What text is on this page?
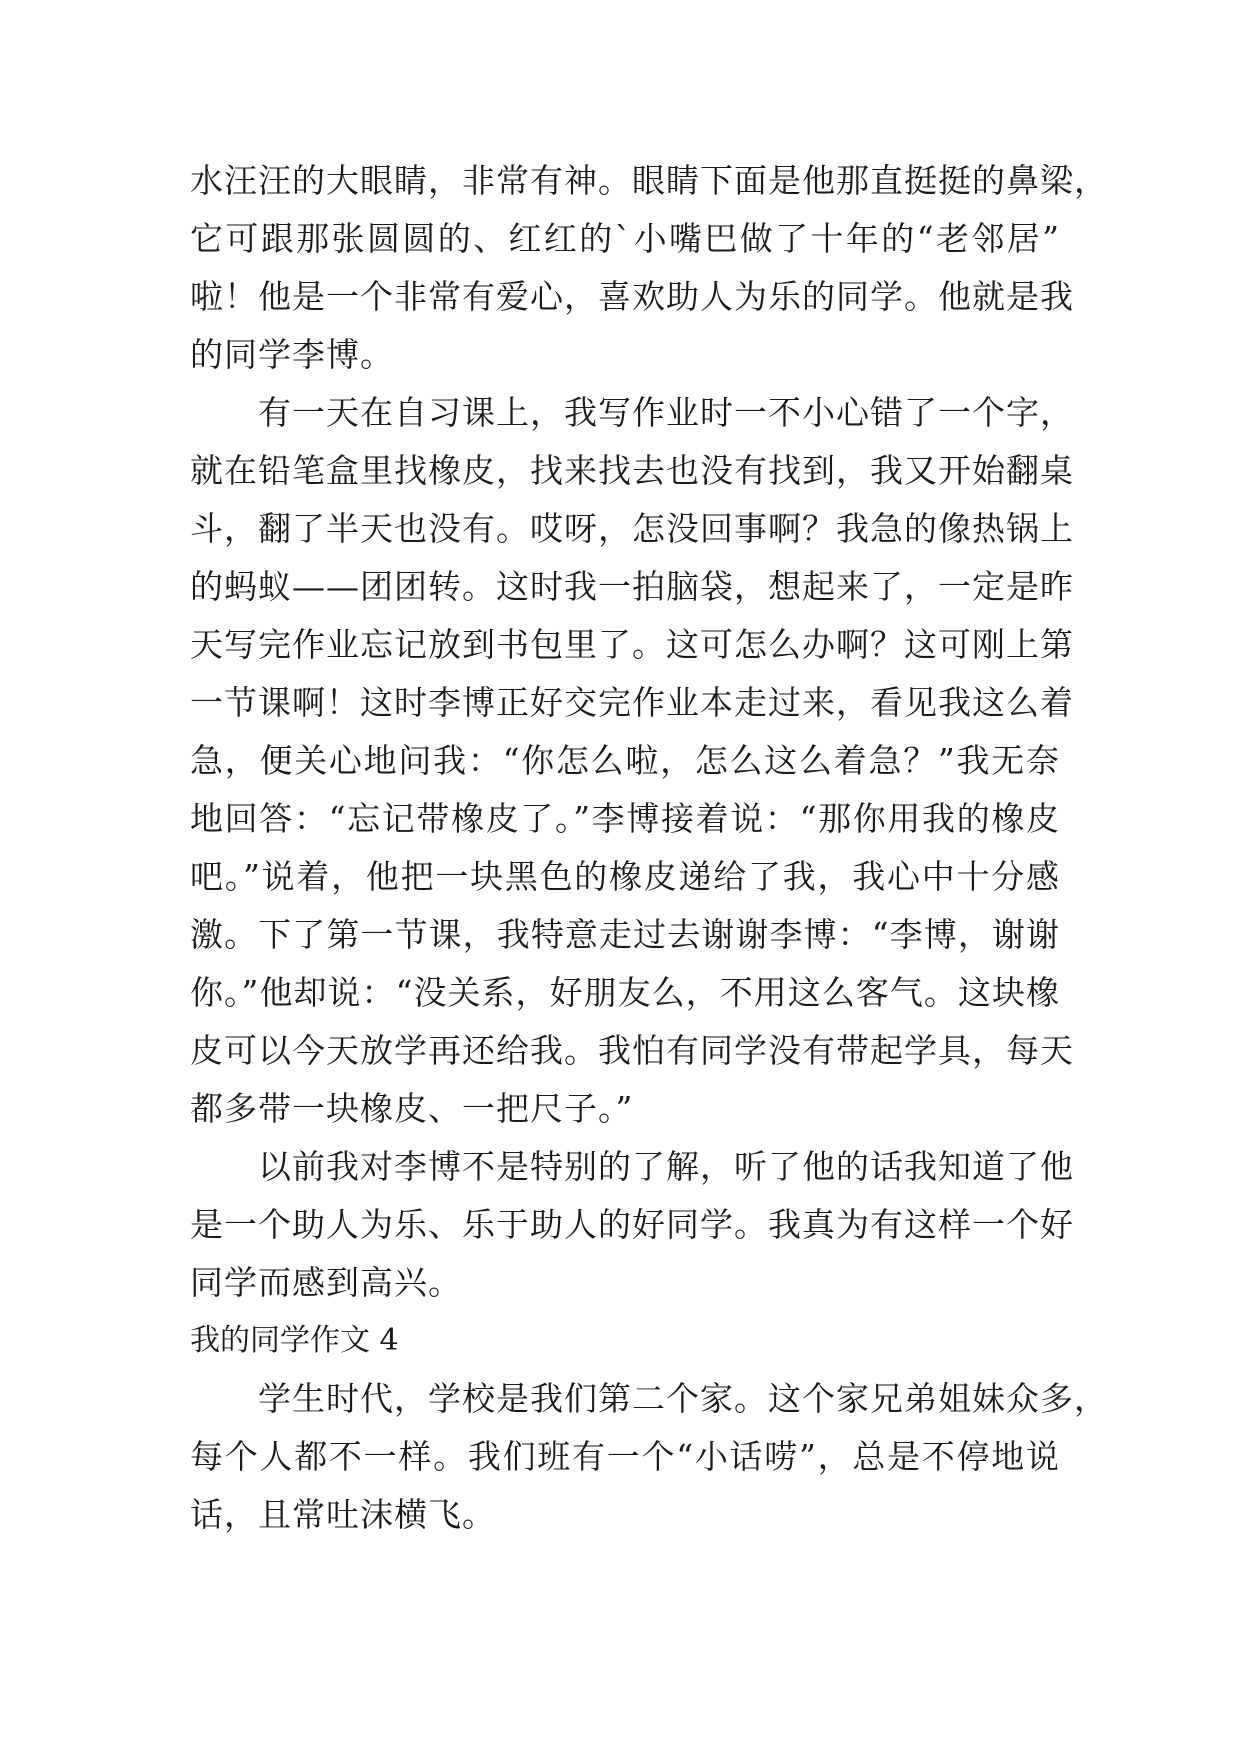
水汪汪的大眼睛，非常有神。眼睛下面是他那直挺挺的鼻梁，
它可跟那张圆圆的、红红的`小嘴巴做了十年的“老邻居”
啦！他是一个非常有爱心，喜欢助人为乐的同学。他就是我
的同学李博。
有一天在自习课上，我写作业时一不小心错了一个字，
就在铅笔盒里找橡皮，找来找去也没有找到，我又开始翻桌
斗，翻了半天也没有。哎呀，怎没回事啊？我急的像热锅上
的蚂蚁——团团转。这时我一拍脑袋，想起来了，一定是昨
天写完作业忘记放到书包里了。这可怎么办啊？这可刚上第
一节课啊！这时李博正好交完作业本走过来，看见我这么着
急，便关心地问我：“你怎么啦，怎么这么着急？”我无奈
地回答：“忘记带橡皮了。”李博接着说：“那你用我的橡皮
吧。”说着，他把一块黑色的橡皮递给了我，我心中十分感
激。下了第一节课，我特意走过去谢谢李博：“李博，谢谢
你。”他却说：“没关系，好朋友么，不用这么客气。这块橡
皮可以今天放学再还给我。我怕有同学没有带起学具，每天
都多带一块橡皮、一把尺子。”
以前我对李博不是特别的了解，听了他的话我知道了他
是一个助人为乐、乐于助人的好同学。我真为有这样一个好
同学而感到高兴。
我的同学作文 4
学生时代，学校是我们第二个家。这个家兄弟姐妹众多，
每个人都不一样。我们班有一个“小话唠”，总是不停地说
话，且常吐沫横飞。
